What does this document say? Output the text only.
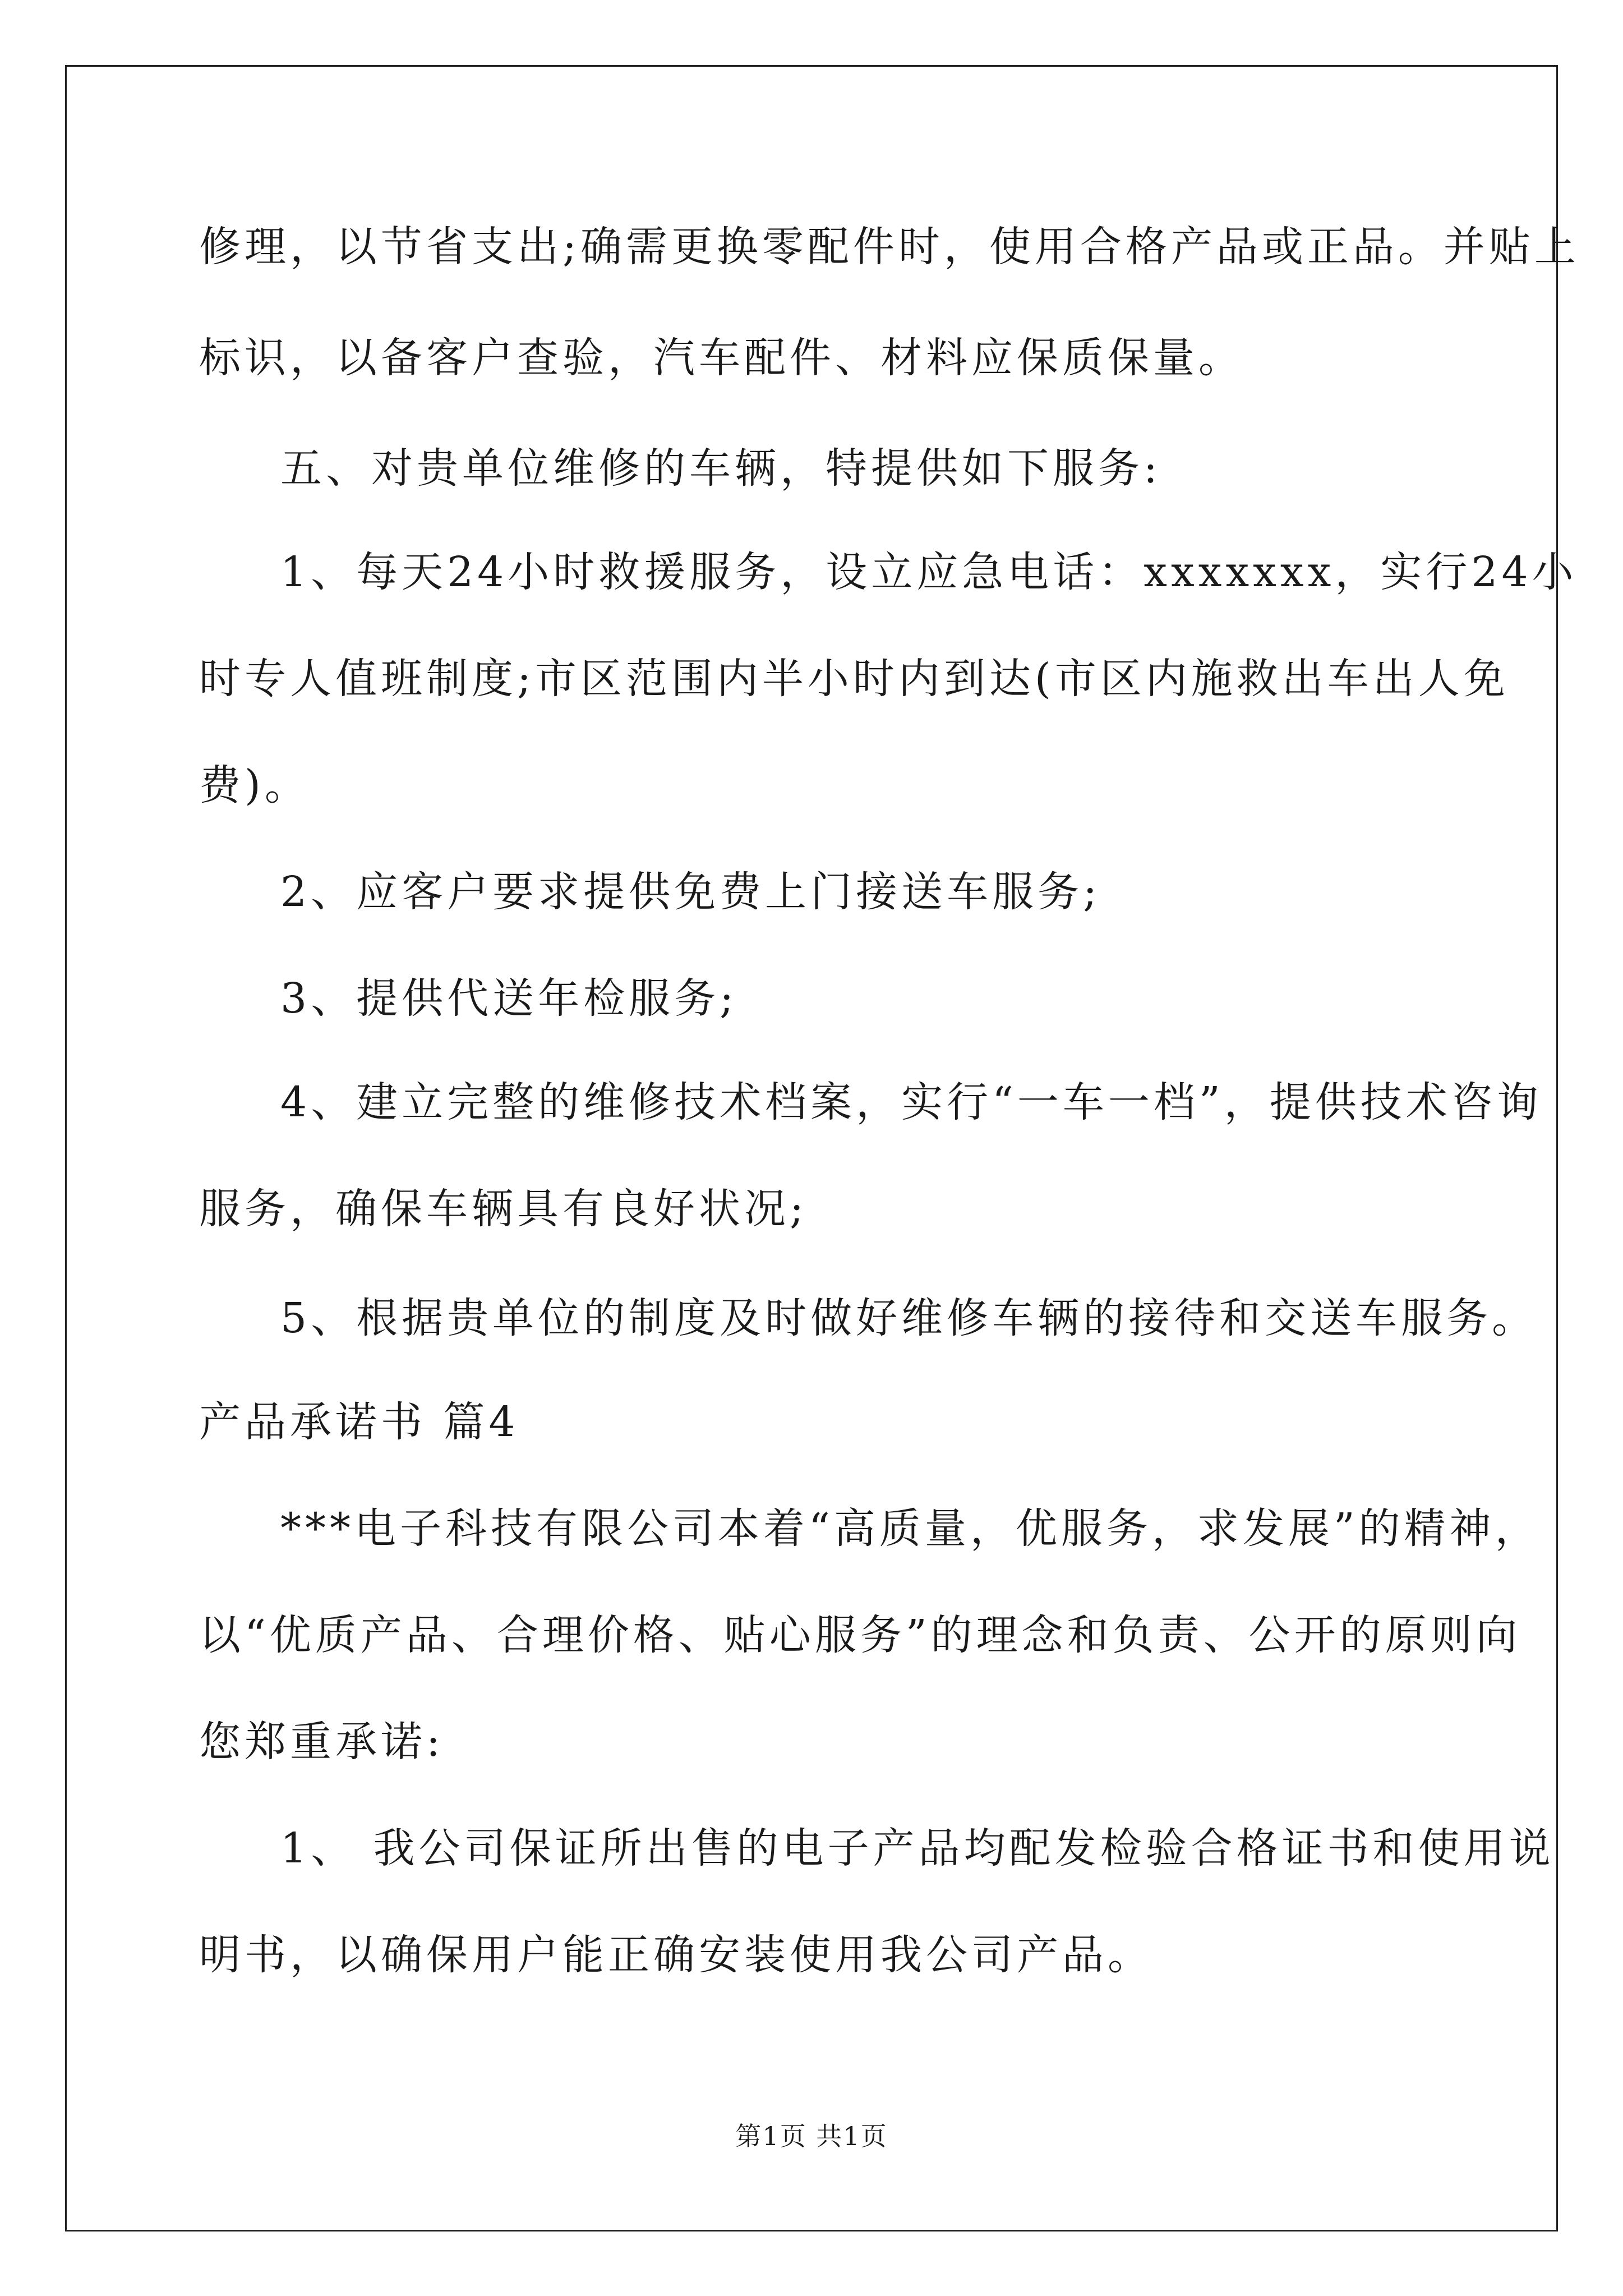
修理，以节省支出;确需更换零配件时，使用合格产品或正品。并贴上
标识，以备客户查验，汽车配件、材料应保质保量。
五、对贵单位维修的车辆，特提供如下服务:
1、每天24小时救援服务，设立应急电话：xxxxxxx，实行24小
时专人值班制度;市区范围内半小时内到达(市区内施救出车出人免
费)。
2、应客户要求提供免费上门接送车服务;
3、提供代送年检服务;
4、建立完整的维修技术档案，实行“一车一档”，提供技术咨询
服务，确保车辆具有良好状况;
5、根据贵单位的制度及时做好维修车辆的接待和交送车服务。
产品承诺书 篇4
***电子科技有限公司本着“高质量，优服务，求发展”的精神，
以“优质产品、合理价格、贴心服务”的理念和负责、公开的原则向
您郑重承诺:
1、 我公司保证所出售的电子产品均配发检验合格证书和使用说
明书，以确保用户能正确安装使用我公司产品。
第1页 共1页
